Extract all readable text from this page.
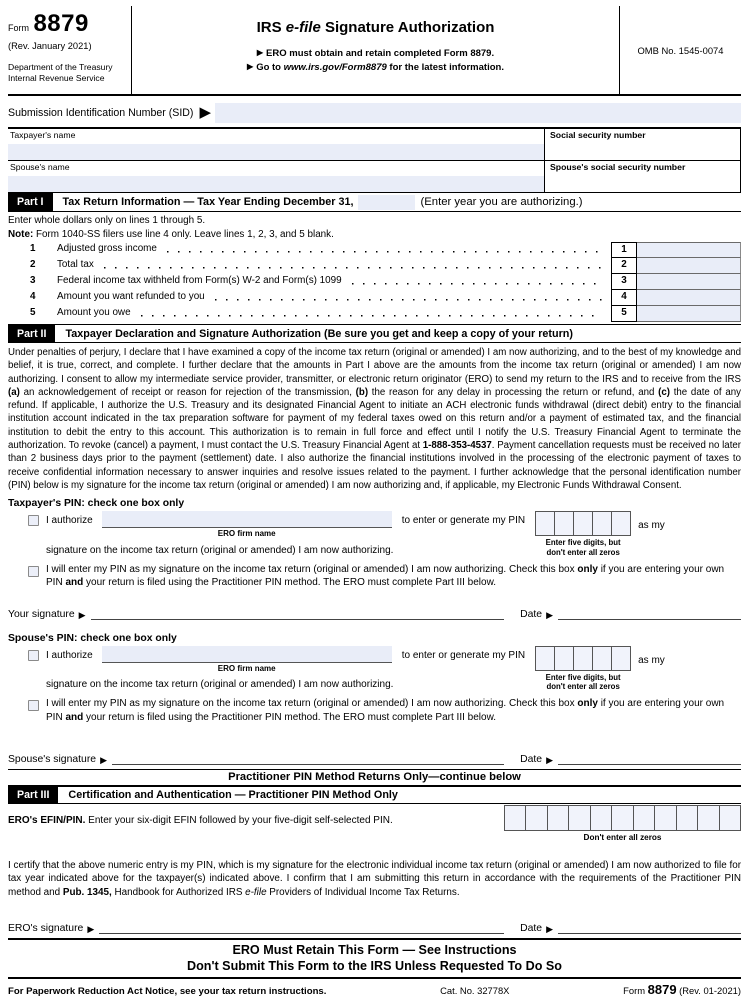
Form 8879
(Rev. January 2021)
Department of the Treasury
Internal Revenue Service
IRS e-file Signature Authorization
▶ ERO must obtain and retain completed Form 8879.
▶ Go to www.irs.gov/Form8879 for the latest information.
OMB No. 1545-0074
Submission Identification Number (SID) ▶
Taxpayer's name	Social security number
Spouse's name	Spouse's social security number
Part I	Tax Return Information — Tax Year Ending December 31,	(Enter year you are authorizing.)
Enter whole dollars only on lines 1 through 5.
Note: Form 1040-SS filers use line 4 only. Leave lines 1, 2, 3, and 5 blank.
1	Adjusted gross income	1
2	Total tax	2
3	Federal income tax withheld from Form(s) W-2 and Form(s) 1099	3
4	Amount you want refunded to you	4
5	Amount you owe	5
Part II	Taxpayer Declaration and Signature Authorization (Be sure you get and keep a copy of your return)
Under penalties of perjury, I declare that I have examined a copy of the income tax return (original or amended) I am now authorizing, and to the best of my knowledge and belief, it is true, correct, and complete. I further declare that the amounts in Part I above are the amounts from the income tax return (original or amended) I am now authorizing. I consent to allow my intermediate service provider, transmitter, or electronic return originator (ERO) to send my return to the IRS and to receive from the IRS (a) an acknowledgement of receipt or reason for rejection of the transmission, (b) the reason for any delay in processing the return or refund, and (c) the date of any refund. If applicable, I authorize the U.S. Treasury and its designated Financial Agent to initiate an ACH electronic funds withdrawal (direct debit) entry to the financial institution account indicated in the tax preparation software for payment of my federal taxes owed on this return and/or a payment of estimated tax, and the financial institution to debit the entry to this account. This authorization is to remain in full force and effect until I notify the U.S. Treasury Financial Agent to terminate the authorization. To revoke (cancel) a payment, I must contact the U.S. Treasury Financial Agent at 1-888-353-4537. Payment cancellation requests must be received no later than 2 business days prior to the payment (settlement) date. I also authorize the financial institutions involved in the processing of the electronic payment of taxes to receive confidential information necessary to answer inquiries and resolve issues related to the payment. I further acknowledge that the personal identification number (PIN) below is my signature for the income tax return (original or amended) I am now authorizing and, if applicable, my Electronic Funds Withdrawal Consent.
Taxpayer's PIN: check one box only
I authorize
ERO firm name
to enter or generate my PIN
Enter five digits, but
don't enter all zeros
as my
signature on the income tax return (original or amended) I am now authorizing.
I will enter my PIN as my signature on the income tax return (original or amended) I am now authorizing. Check this box only if you are entering your own PIN and your return is filed using the Practitioner PIN method. The ERO must complete Part III below.
Your signature ▶	Date ▶
Spouse's PIN: check one box only
I authorize
ERO firm name
to enter or generate my PIN
Enter five digits, but
don't enter all zeros
as my
signature on the income tax return (original or amended) I am now authorizing.
I will enter my PIN as my signature on the income tax return (original or amended) I am now authorizing. Check this box only if you are entering your own PIN and your return is filed using the Practitioner PIN method. The ERO must complete Part III below.
Spouse's signature ▶	Date ▶
Practitioner PIN Method Returns Only—continue below
Part III	Certification and Authentication — Practitioner PIN Method Only
ERO's EFIN/PIN. Enter your six-digit EFIN followed by your five-digit self-selected PIN.
Don't enter all zeros
I certify that the above numeric entry is my PIN, which is my signature for the electronic individual income tax return (original or amended) I am now authorized to file for tax year indicated above for the taxpayer(s) indicated above. I confirm that I am submitting this return in accordance with the requirements of the Practitioner PIN method and Pub. 1345, Handbook for Authorized IRS e-file Providers of Individual Income Tax Returns.
ERO's signature ▶	Date ▶
ERO Must Retain This Form — See Instructions
Don't Submit This Form to the IRS Unless Requested To Do So
For Paperwork Reduction Act Notice, see your tax return instructions.	Cat. No. 32778X	Form 8879 (Rev. 01-2021)
